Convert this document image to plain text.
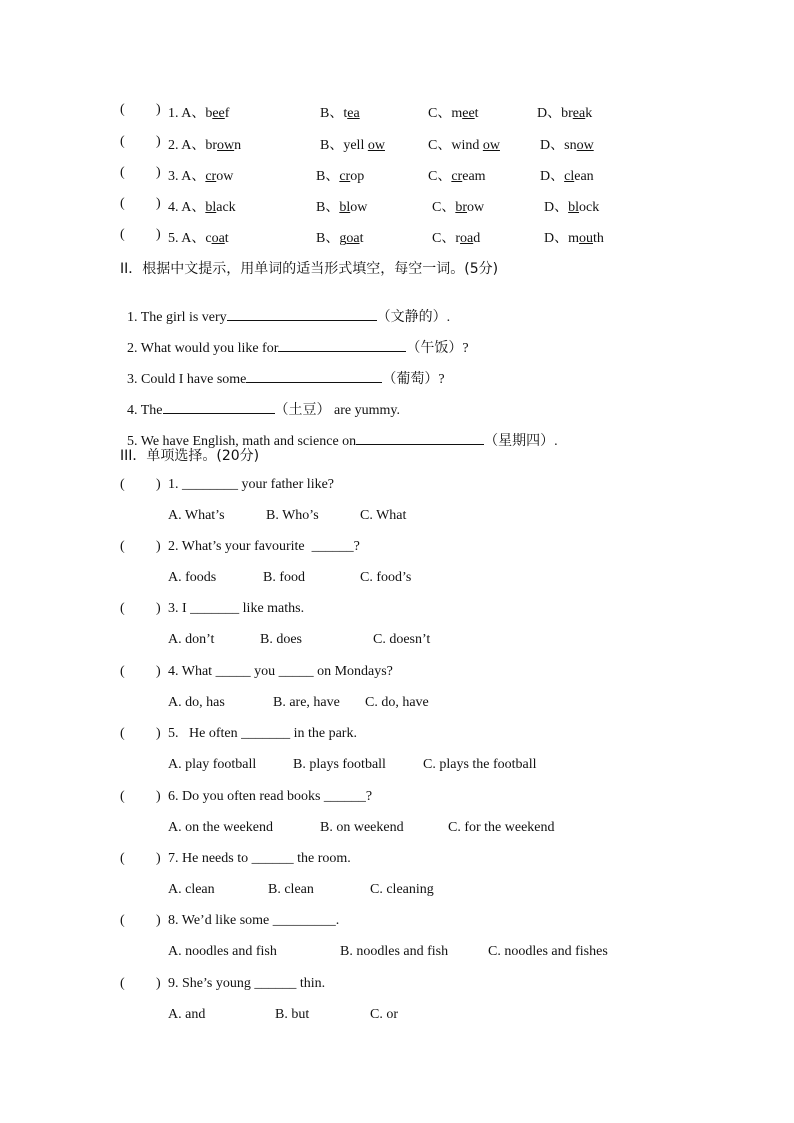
( ) 1. A、beef	B、tea	C、meet	D、break
( ) 2. A、brown	B、yell ow	C、wind ow	D、snow
( ) 3. A、crow	B、crop	C、cream	D、clean
( ) 4. A、black	B、blow	C、brow	D、block
( ) 5. A、coat	B、goat	C、road	D、mouth
II．根据中文提示，用单词的适当形式填空，每空一词。(5分)

1. The girl is very	（文静的）.

2. What would you like for	（午饭）?

3. Could I have some	（葡萄）?

4. The	（土豆） are yummy.

5. We have English, math and science on	（星期四）.

III．单项选择。(20分)
( ) 1. ________ your father like?
A. What’s	B. Who’s	C. What
( ) 2. What’s your favourite  ______?
A. foods	B. food	C. food’s
( ) 3. I _______ like maths.
A. don’t	B. does	C. doesn’t
( ) 4. What _____ you _____ on Mondays?
A. do, has	B. are, have C. do, have
( ) 5.   He often _______ in the park.
A. play football	B. plays football	C. plays the football
( ) 6. Do you often read books ______?
A. on the weekend	B. on weekend	C. for the weekend
( ) 7. He needs to ______ the room.
A. clean	B. clean	C. cleaning
( ) 8. We’d like some _________.
A. noodles and fish	B. noodles and fish	C. noodles and fishes
( ) 9. She’s young ______ thin.
A. and	B. but	C. or
